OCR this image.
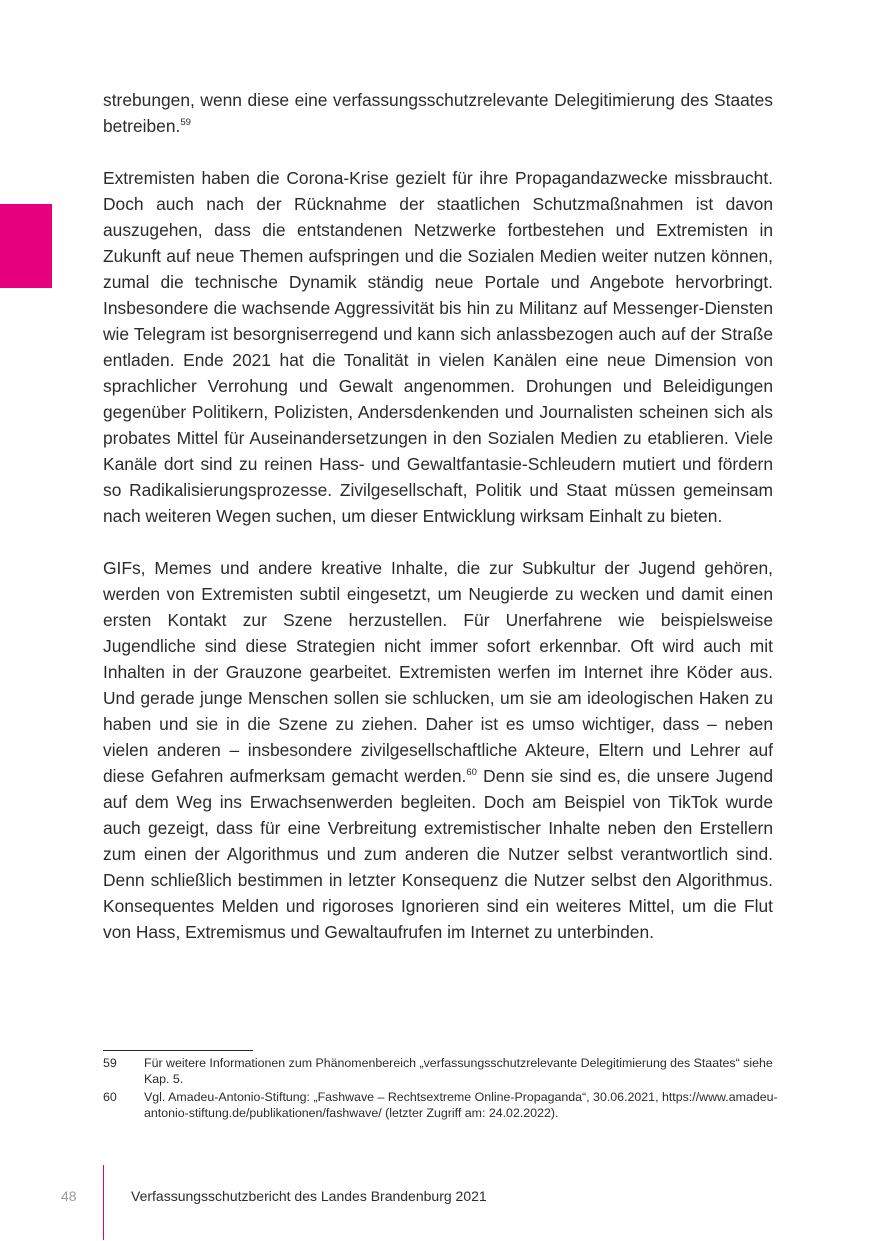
strebungen, wenn diese eine verfassungsschutzrelevante Delegitimierung des Staates betreiben.$^{59}$

Extremisten haben die Corona-Krise gezielt für ihre Propagandazwecke missbraucht. Doch auch nach der Rücknahme der staatlichen Schutzmaßnahmen ist davon auszugehen, dass die entstandenen Netzwerke fortbestehen und Extremisten in Zukunft auf neue Themen aufspringen und die Sozialen Medien weiter nutzen können, zumal die technische Dynamik ständig neue Portale und Angebote hervorbringt. Insbesondere die wachsende Aggressivität bis hin zu Militanz auf Messenger-Diensten wie Telegram ist besorgniserregend und kann sich anlassbezogen auch auf der Straße entladen. Ende 2021 hat die Tonalität in vielen Kanälen eine neue Dimension von sprachlicher Verrohung und Gewalt angenommen. Drohungen und Beleidigungen gegenüber Politikern, Polizisten, Andersdenkenden und Journalisten scheinen sich als probates Mittel für Auseinandersetzungen in den Sozialen Medien zu etablieren. Viele Kanäle dort sind zu reinen Hass- und Gewaltfantasie-Schleudern mutiert und fördern so Radikalisierungsprozesse. Zivilgesellschaft, Politik und Staat müssen gemeinsam nach weiteren Wegen suchen, um dieser Entwicklung wirksam Einhalt zu bieten.

GIFs, Memes und andere kreative Inhalte, die zur Subkultur der Jugend gehören, werden von Extremisten subtil eingesetzt, um Neugierde zu wecken und damit einen ersten Kontakt zur Szene herzustellen. Für Unerfahrene wie beispielsweise Jugendliche sind diese Strategien nicht immer sofort erkennbar. Oft wird auch mit Inhalten in der Grauzone gearbeitet. Extremisten werfen im Internet ihre Köder aus. Und gerade junge Menschen sollen sie schlucken, um sie am ideologischen Haken zu haben und sie in die Szene zu ziehen. Daher ist es umso wichtiger, dass – neben vielen anderen – insbesondere zivilgesellschaftliche Akteure, Eltern und Lehrer auf diese Gefahren aufmerksam gemacht werden.$^{60}$ Denn sie sind es, die unsere Jugend auf dem Weg ins Erwachsenwerden begleiten. Doch am Beispiel von TikTok wurde auch gezeigt, dass für eine Verbreitung extremistischer Inhalte neben den Erstellern zum einen der Algorithmus und zum anderen die Nutzer selbst verantwortlich sind. Denn schließlich bestimmen in letzter Konsequenz die Nutzer selbst den Algorithmus. Konsequentes Melden und rigoroses Ignorieren sind ein weiteres Mittel, um die Flut von Hass, Extremismus und Gewaltaufrufen im Internet zu unterbinden.

59	Für weitere Informationen zum Phänomenbereich „verfassungsschutzrelevante Delegitimierung des Staates“ siehe Kap. 5.
60	Vgl. Amadeu-Antonio-Stiftung: „Fashwave – Rechtsextreme Online-Propaganda“, 30.06.2021, https://www.amadeu-antonio-stiftung.de/publikationen/fashwave/ (letzter Zugriff am: 24.02.2022).
48	Verfassungsschutzbericht des Landes Brandenburg 2021
